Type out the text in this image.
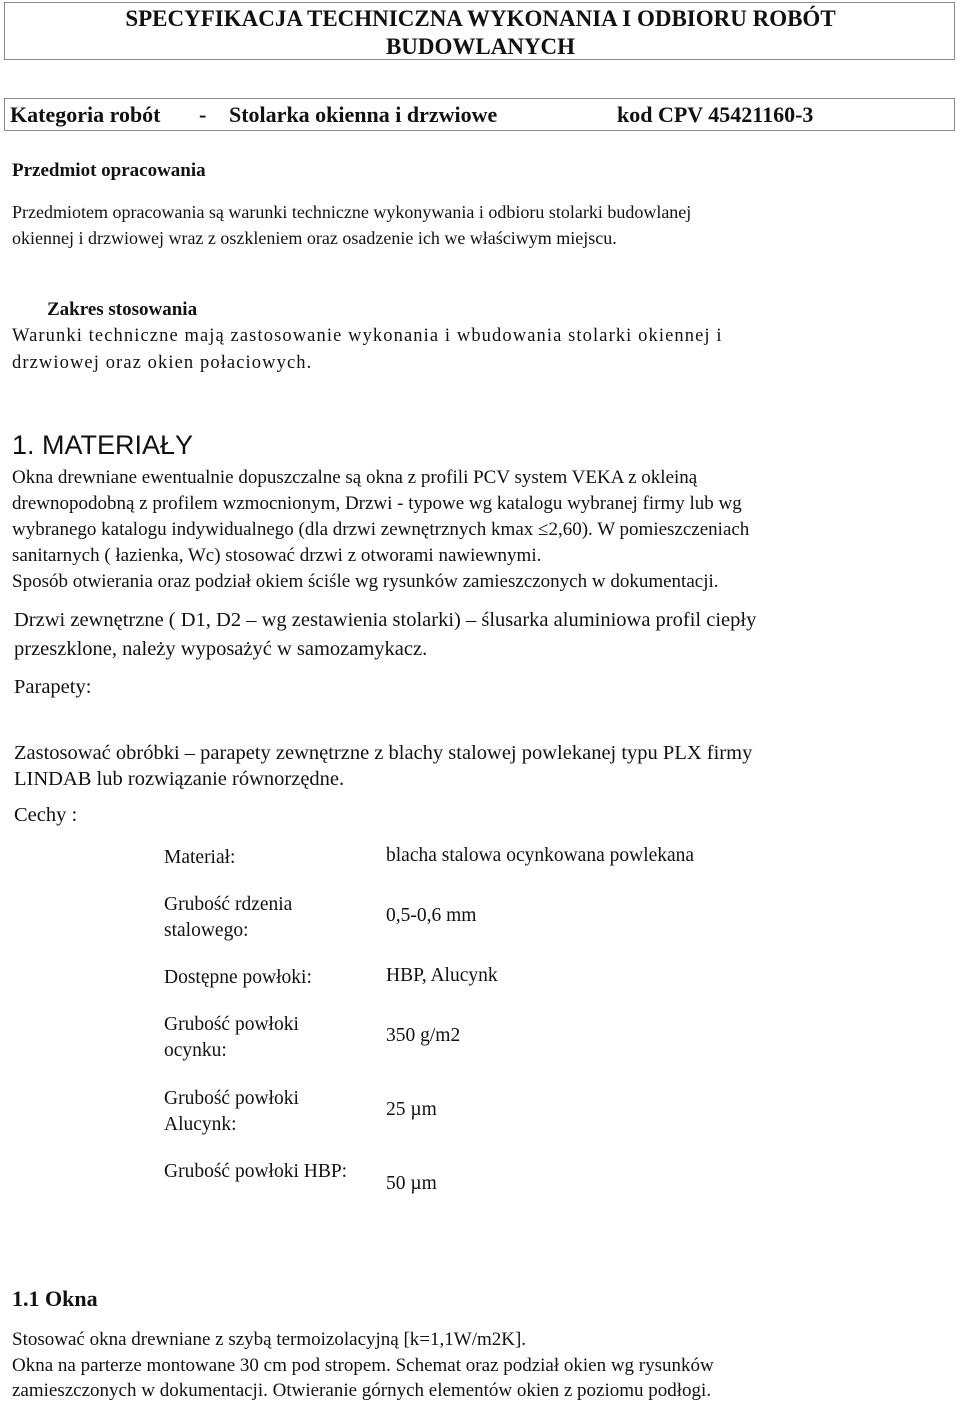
SPECYFIKACJA TECHNICZNA WYKONANIA I ODBIORU ROBÓT
BUDOWLANYCH
Kategoria robót - Stolarka okienna i drzwiowe	kod CPV 45421160-3
Przedmiot opracowania
Przedmiotem opracowania są warunki techniczne wykonywania i odbioru stolarki budowlanej
okiennej i drzwiowej wraz z oszkleniem oraz osadzenie ich we właściwym miejscu.
Zakres stosowania
Warunki techniczne mają zastosowanie wykonania i wbudowania stolarki okiennej i
drzwiowej oraz okien połaciowych.
1. MATERIAŁY
Okna drewniane ewentualnie dopuszczalne są okna z profili PCV system VEKA z okleiną
drewnopodobną z profilem wzmocnionym, Drzwi - typowe wg katalogu wybranej firmy lub wg
wybranego katalogu indywidualnego (dla drzwi zewnętrznych kmax ≤2,60). W pomieszczeniach
sanitarnych ( łazienka, Wc) stosować drzwi z otworami nawiewnymi.
Sposób otwierania oraz podział okiem ściśle wg rysunków zamieszczonych w dokumentacji.
Drzwi zewnętrzne ( D1, D2 – wg zestawienia stolarki) – ślusarka aluminiowa profil ciepły
przeszklone, należy wyposażyć w samozamykacz.
Parapety:
Zastosować obróbki – parapety zewnętrzne z blachy stalowej powlekanej typu PLX firmy
LINDAB lub rozwiązanie równorzędne.
Cechy :
Materiał:	blacha stalowa ocynkowana powlekana
Grubość rdzenia stalowego:
0,5-0,6 mm
Dostępne powłoki:	HBP, Alucynk
Grubość powłoki ocynku:
350 g/m2
Grubość powłoki Alucynk:
25 µm
Grubość powłoki HBP:
50 µm
1.1 Okna
Stosować okna drewniane z szybą termoizolacyjną [k=1,1W/m2K].
Okna na parterze montowane 30 cm pod stropem. Schemat oraz podział okien wg rysunków
zamieszczonych w dokumentacji. Otwieranie górnych elementów okien z poziomu podłogi.
